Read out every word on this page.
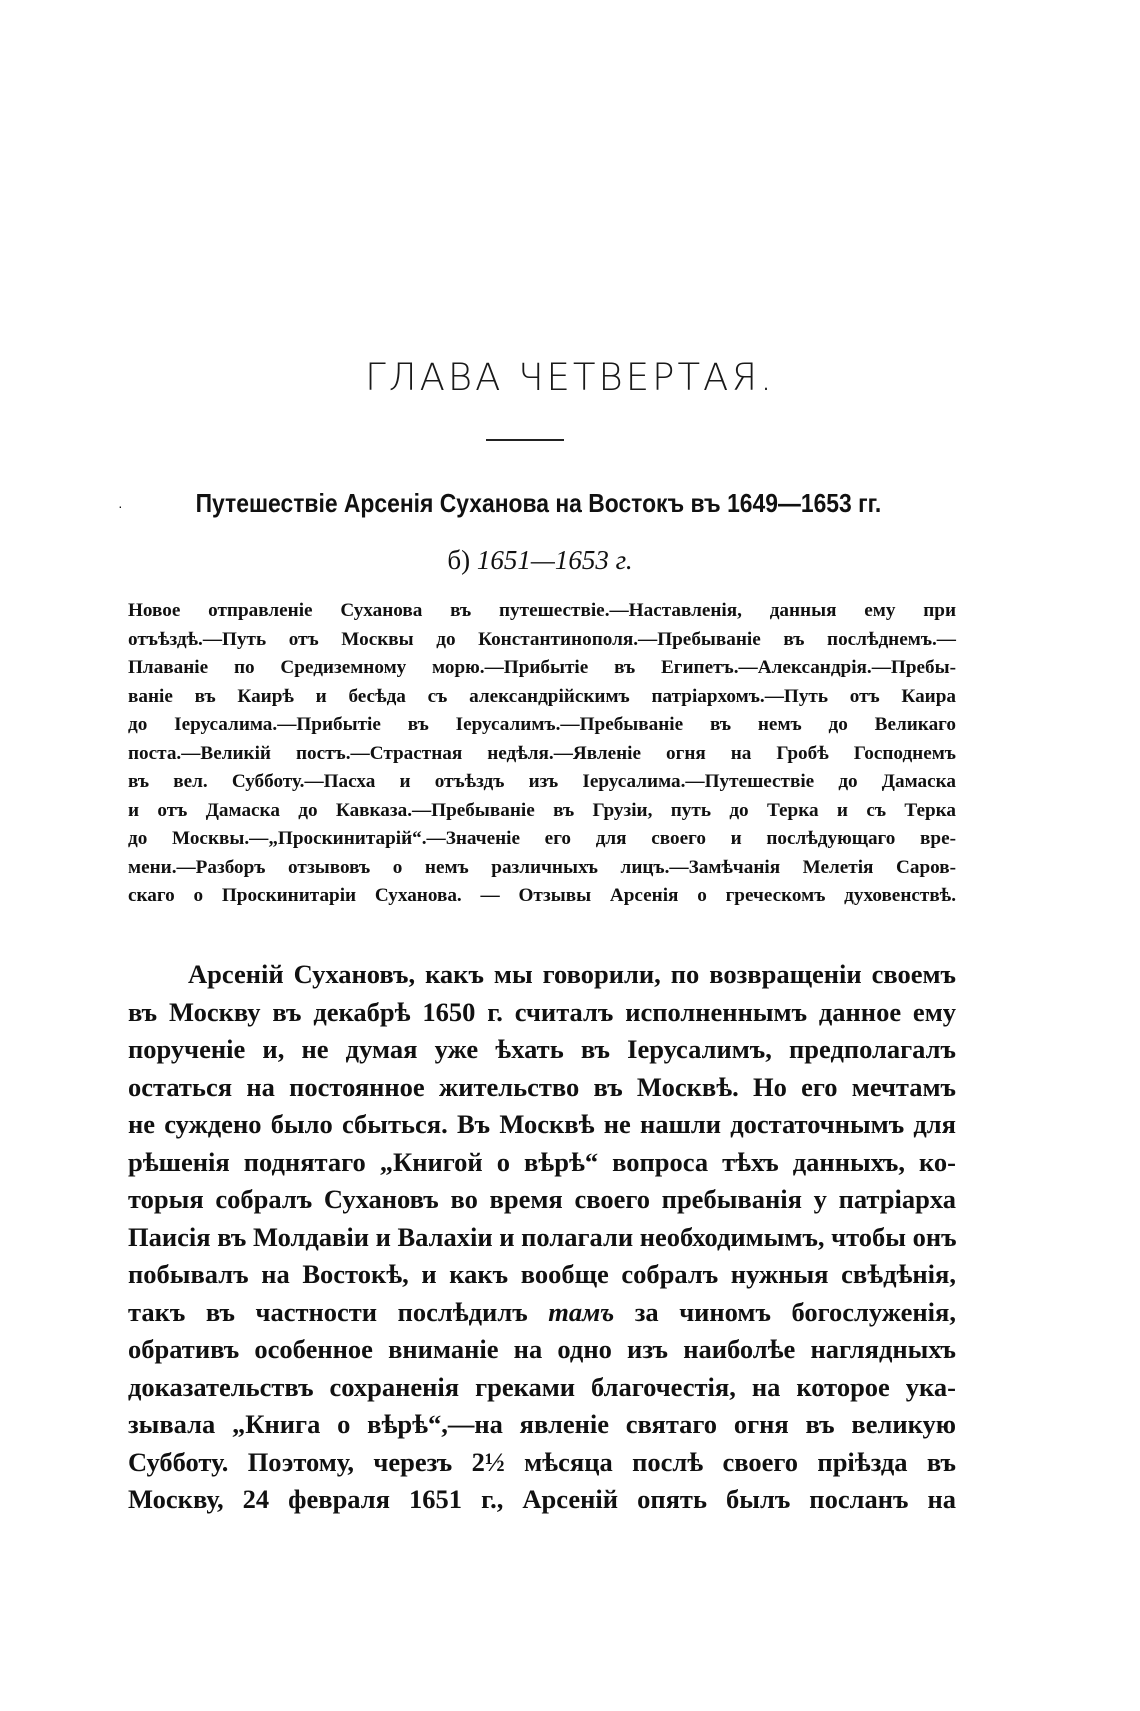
ГЛАВА ЧЕТВЕРТАЯ.
·	Путешествіе Арсенія Суханова на Востокъ въ 1649—1653 гг.
б) 1651—1653 г.
Новое отправленіе Суханова въ путешествіе.—Наставленія, данныя ему при
отъѣздѣ.—Путь отъ Москвы до Константинополя.—Пребываніе въ послѣднемъ.—
Плаваніе по Средиземному морю.—Прибытіе въ Египетъ.—Александрія.—Пребы-
ваніе въ Каирѣ и бесѣда съ александрійскимъ патріархомъ.—Путь отъ Каира
до Іерусалима.—Прибытіе въ Іерусалимъ.—Пребываніе въ немъ до Великаго
поста.—Великій постъ.—Страстная недѣля.—Явленіе огня на Гробѣ Господнемъ
въ вел. Субботу.—Пасха и отъѣздъ изъ Іерусалима.—Путешествіе до Дамаска
и отъ Дамаска до Кавказа.—Пребываніе въ Грузіи, путь до Терка и съ Терка
до Москвы.—„Проскинитарій“.—Значеніе его для своего и послѣдующаго вре-
мени.—Разборъ отзывовъ о немъ различныхъ лицъ.—Замѣчанія Мелетія Саров-
скаго о Проскинитаріи Суханова. — Отзывы Арсенія о греческомъ духовенствѣ.
Арсеній Сухановъ, какъ мы говорили, по возвращеніи своемъ
въ Москву въ декабрѣ 1650 г. считалъ исполненнымъ данное ему
порученіе и, не думая уже ѣхать въ Іерусалимъ, предполагалъ
остаться на постоянное жительство въ Москвѣ. Но его мечтамъ
не суждено было сбыться. Въ Москвѣ не нашли достаточнымъ для
рѣшенія поднятаго „Книгой о вѣрѣ“ вопроса тѣхъ данныхъ, ко-
торыя собралъ Сухановъ во время своего пребыванія у патріарха
Паисія въ Молдавіи и Валахіи и полагали необходимымъ, чтобы онъ
побывалъ на Востокѣ, и какъ вообще собралъ нужныя свѣдѣнія,
такъ въ частности послѣдилъ тамъ за чиномъ богослуженія,
обративъ особенное вниманіе на одно изъ наиболѣе наглядныхъ
доказательствъ сохраненія греками благочестія, на которое ука-
зывала „Книга о вѣрѣ“,—на явленіе святаго огня въ великую
Субботу. Поэтому, черезъ 2½ мѣсяца послѣ своего пріѣзда въ
Москву, 24 февраля 1651 г., Арсеній опять былъ посланъ на
